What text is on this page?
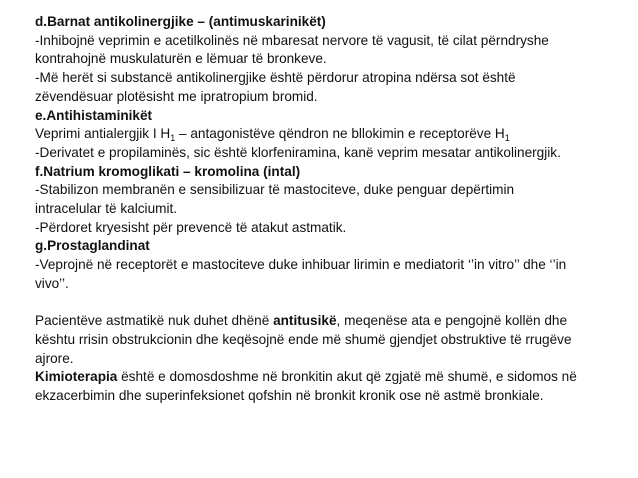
d.Barnat antikolinergjike – (antimuskarinikët)
-Inhibojnë veprimin e acetilkolinës në mbaresat nervore të vagusit, të cilat përndryshe
kontrahojnë muskulaturën e lëmuar të bronkeve.
-Më herët si substancë antikolinergjike është përdorur atropina ndërsa sot është
zëvendësuar plotësisht me ipratropium bromid.
e.Antihistaminikët
Veprimi antialergjik I $H_1$ – antagonistëve qëndron ne bllokimin e receptorëve $H_1$
-Derivatet e propilaminës, sic është klorfeniramina, kanë veprim mesatar antikolinergjik.
f.Natrium kromoglikati – kromolina (intal)
-Stabilizon membranën e sensibilizuar të mastociteve, duke penguar depërtimin
intracelular të kalciumit.
-Përdoret kryesisht për prevencë të atakut astmatik.
g.Prostaglandinat
-Veprojnë në receptorët e mastociteve duke inhibuar lirimin e mediatorit ‘’in vitro’’ dhe ‘’in
vivo’’.
Pacientëve astmatikë nuk duhet dhënë antitusikë, meqenëse ata e pengojnë kollën dhe
kështu rrisin obstrukcionin dhe keqësojnë ende më shumë gjendjet obstruktive të rrugëve
ajrore.
Kimioterapia është e domosdoshme në bronkitin akut që zgjatë më shumë, e sidomos në
ekzacerbimin dhe superinfeksionet qofshin në bronkit kronik ose në astmë bronkiale.
